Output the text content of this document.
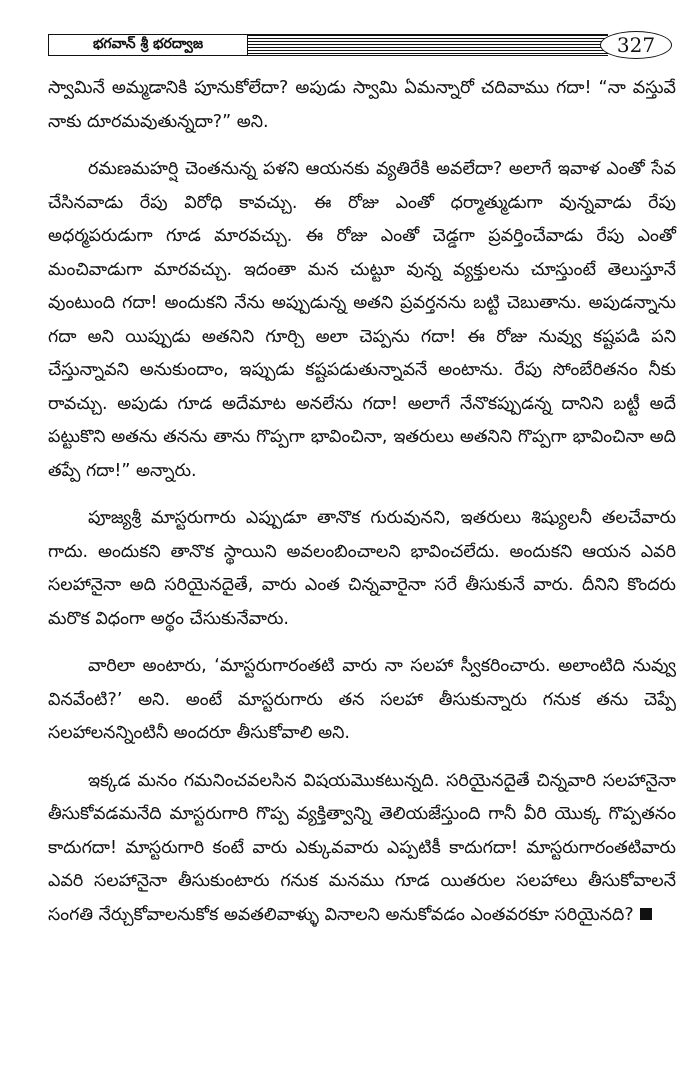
భగవాన్ శ్రీ భరద్వాజ	327

స్వామినే అమ్మడానికి పూనుకోలేదా? అపుడు స్వామి ఏమన్నారో చదివాము గదా! “నా వస్తువే నాకు దూరమవుతున్నదా?” అని.

రమణమహర్షి చెంతనున్న పళని ఆయనకు వ్యతిరేకి అవలేదా? అలాగే ఇవాళ ఎంతో సేవ చేసినవాడు రేపు విరోధి కావచ్చు. ఈ రోజు ఎంతో ధర్మాత్ముడుగా వున్నవాడు రేపు అధర్మపరుడుగా గూడ మారవచ్చు. ఈ రోజు ఎంతో చెడ్డగా ప్రవర్తించేవాడు రేపు ఎంతో మంచివాడుగా మారవచ్చు. ఇదంతా మన చుట్టూ వున్న వ్యక్తులను చూస్తుంటే తెలుస్తూనే వుంటుంది గదా! అందుకని నేను అప్పుడున్న అతని ప్రవర్తనను బట్టి చెబుతాను. అపుడన్నాను గదా అని యిప్పుడు అతనిని గూర్చి అలా చెప్పను గదా! ఈ రోజు నువ్వు కష్టపడి పని చేస్తున్నావని అనుకుందాం, ఇప్పుడు కష్టపడుతున్నావనే అంటాను. రేపు సోంబేరితనం నీకు రావచ్చు. అపుడు గూడ అదేమాట అనలేను గదా! అలాగే నేనొకప్పుడన్న దానిని బట్టీ అదే పట్టుకొని అతను తనను తాను గొప్పగా భావించినా, ఇతరులు అతనిని గొప్పగా భావించినా అది తప్పే గదా!” అన్నారు.

పూజ్యశ్రీ మాస్టరుగారు ఎప్పుడూ తానొక గురువునని, ఇతరులు శిష్యులనీ తలచేవారు గాదు. అందుకని తానొక స్థాయిని అవలంబించాలని భావించలేదు. అందుకని ఆయన ఎవరి సలహానైనా అది సరియైనదైతే, వారు ఎంత చిన్నవారైనా సరే తీసుకునే వారు. దీనిని కొందరు మరొక విధంగా అర్థం చేసుకునేవారు.

వారిలా అంటారు, ‘మాస్టరుగారంతటి వారు నా సలహా స్వీకరించారు. అలాంటిది నువ్వు వినవేంటి?’ అని. అంటే మాస్టరుగారు తన సలహా తీసుకున్నారు గనుక తను చెప్పే సలహాలనన్నింటినీ అందరూ తీసుకోవాలి అని.

ఇక్కడ మనం గమనించవలసిన విషయమొకటున్నది. సరియైనదైతే చిన్నవారి సలహానైనా తీసుకోవడమనేది మాస్టరుగారి గొప్ప వ్యక్తిత్వాన్ని తెలియజేస్తుంది గానీ వీరి యొక్క గొప్పతనం కాదుగదా! మాస్టరుగారి కంటే వారు ఎక్కువవారు ఎప్పటికీ కాదుగదా! మాస్టరుగారంతటివారు ఎవరి సలహానైనా తీసుకుంటారు గనుక మనము గూడ యితరుల సలహాలు తీసుకోవాలనే సంగతి నేర్చుకోవాలనుకోక అవతలివాళ్ళు వినాలని అనుకోవడం ఎంతవరకూ సరియైనది?
